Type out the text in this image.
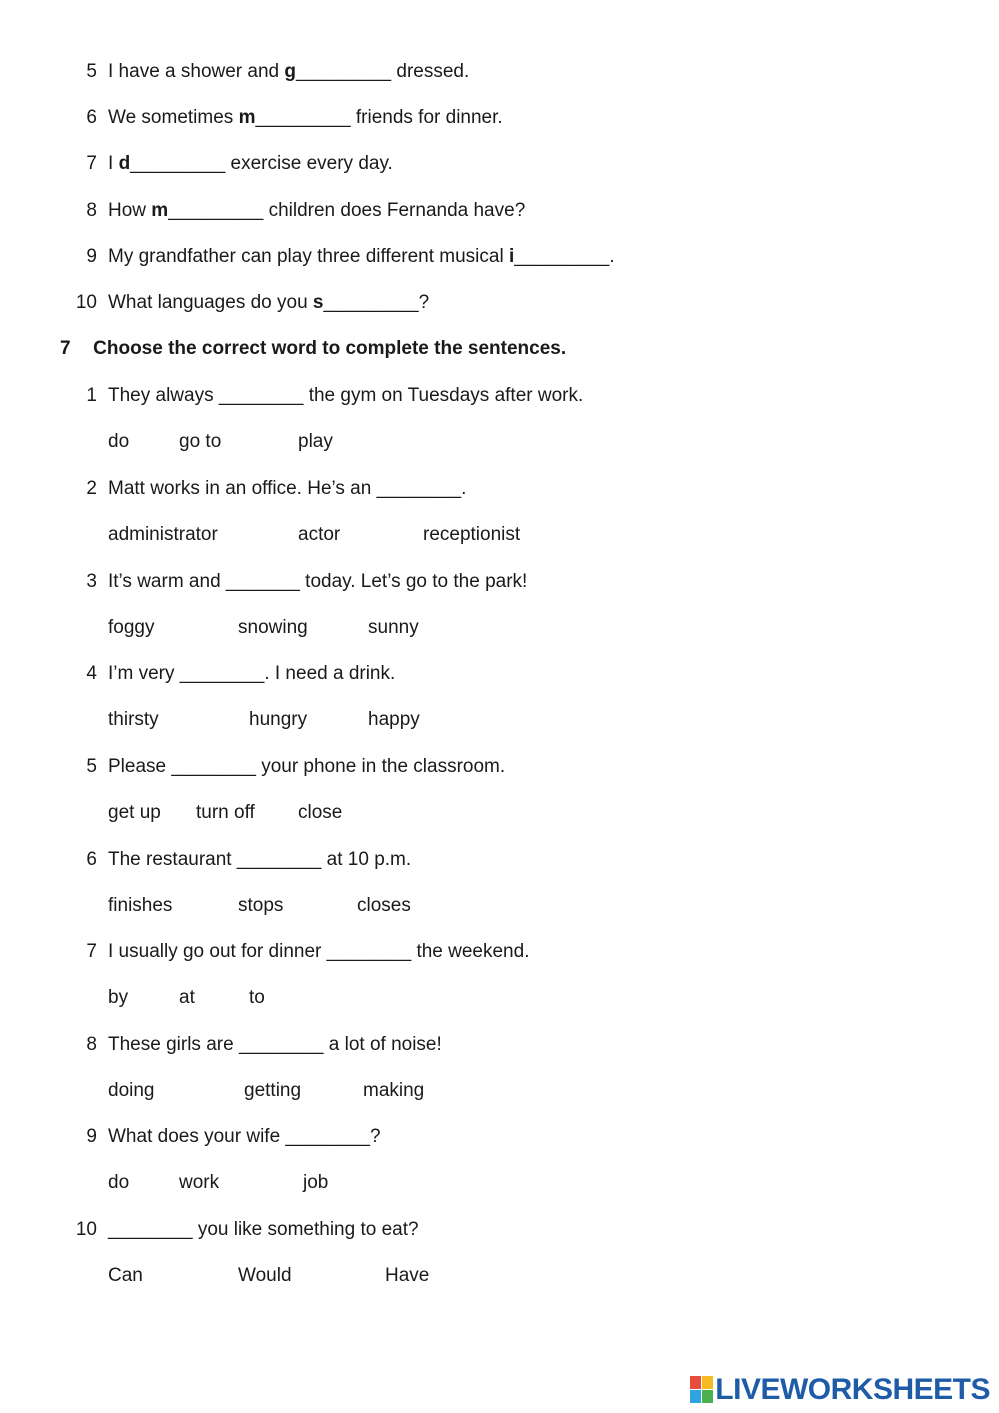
5 I have a shower and g_________ dressed.
6 We sometimes m_________ friends for dinner.
7 I d_________ exercise every day.
8 How m_________ children does Fernanda have?
9 My grandfather can play three different musical i_________.
10 What languages do you s_________?
7 Choose the correct word to complete the sentences.
1 They always ________ the gym on Tuesdays after work.
do	go to	play
2 Matt works in an office. He’s an ________.
administrator	actor	receptionist
3 It’s warm and _______ today. Let’s go to the park!
foggy	snowing	sunny
4 I’m very ________. I need a drink.
thirsty	hungry	happy
5 Please ________ your phone in the classroom.
get up turn off close
6 The restaurant ________ at 10 p.m.
finishes	stops	closes
7 I usually go out for dinner ________ the weekend.
by	at	to
8 These girls are ________ a lot of noise!
doing	getting	making
9 What does your wife ________?
do	work	job
10 ________ you like something to eat?
Can	Would	Have
LIVEWORKSHEETS
